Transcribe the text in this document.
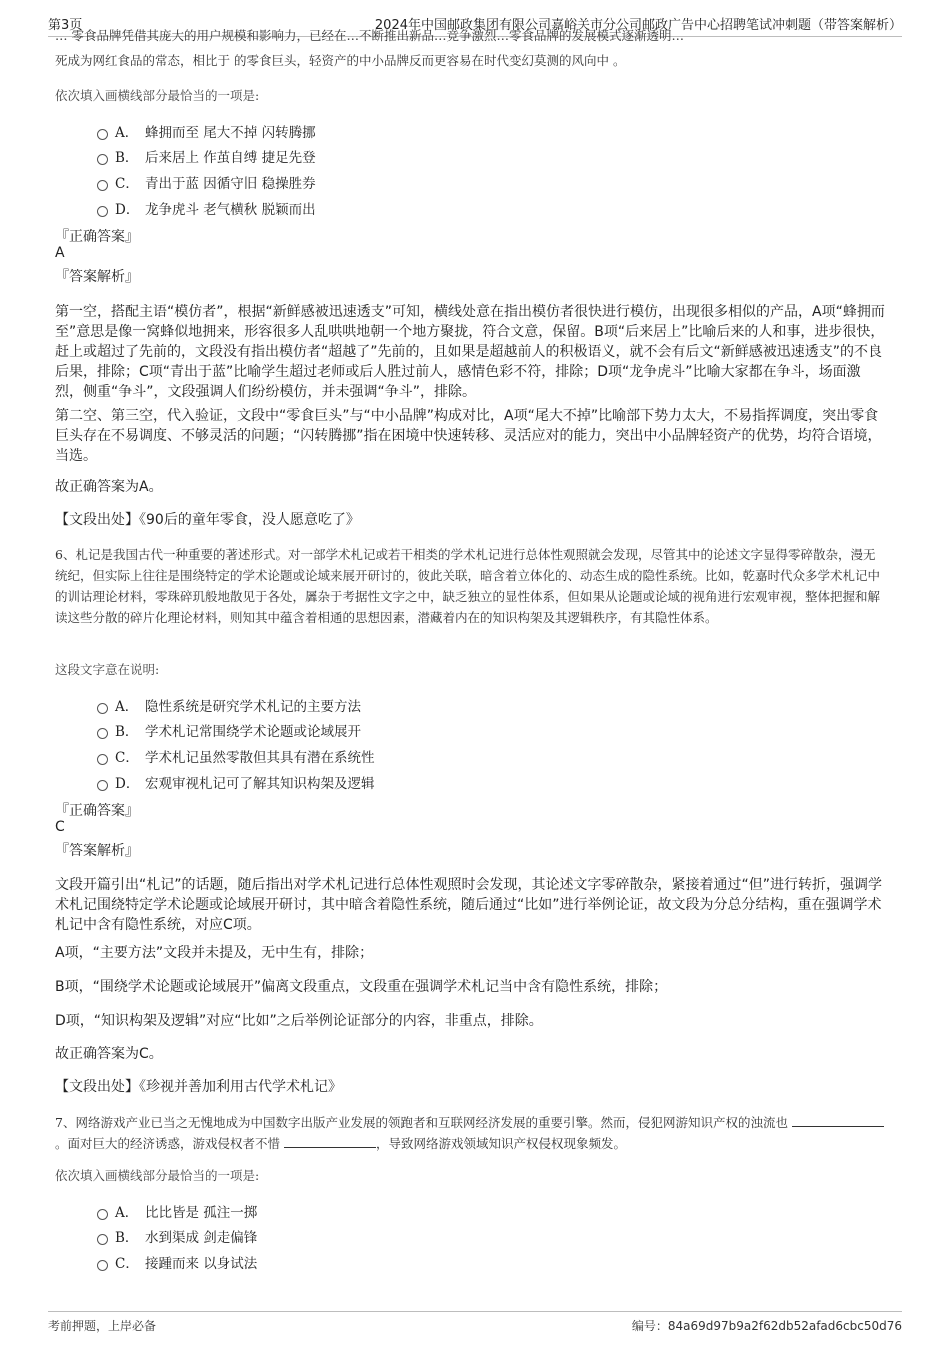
第3页	2024年中国邮政集团有限公司嘉峪关市分公司邮政广告中心招聘笔试冲刺题（带答案解析）

… 零食品牌凭借其庞大的用户规模和影响力，已经在…不断推出新品…竞争激烈…零食品牌的发展模式逐渐透明…

死成为网红食品的常态，相比于 的零食巨头，轻资产的中小品牌反而更容易在时代变幻莫测的风向中 。

依次填入画横线部分最恰当的一项是:
A． 蜂拥而至 尾大不掉 闪转腾挪
B． 后来居上 作茧自缚 捷足先登
C． 青出于蓝 因循守旧 稳操胜券
D． 龙争虎斗 老气横秋 脱颖而出
『正确答案』
A
『答案解析』

第一空，搭配主语“模仿者”，根据“新鲜感被迅速透支”可知，横线处意在指出模仿者很快进行模仿，出现很多相似的产品，A项“蜂拥而至”意思是像一窝蜂似地拥来，形容很多人乱哄哄地朝一个地方聚拢，符合文意，保留。B项“后来居上”比喻后来的人和事，进步很快，赶上或超过了先前的，文段没有指出模仿者“超越了”先前的，且如果是超越前人的积极语义，就不会有后文“新鲜感被迅速透支”的不良后果，排除；C项“青出于蓝”比喻学生超过老师或后人胜过前人，感情色彩不符，排除；D项“龙争虎斗”比喻大家都在争斗，场面激烈，侧重“争斗”，文段强调人们纷纷模仿，并未强调“争斗”，排除。

第二空、第三空，代入验证，文段中“零食巨头”与“中小品牌”构成对比，A项“尾大不掉”比喻部下势力太大，不易指挥调度，突出零食巨头存在不易调度、不够灵活的问题；“闪转腾挪”指在困境中快速转移、灵活应对的能力，突出中小品牌轻资产的优势，均符合语境，当选。

故正确答案为A。

【文段出处】《90后的童年零食，没人愿意吃了》

6、札记是我国古代一种重要的著述形式。对一部学术札记或若干相类的学术札记进行总体性观照就会发现，尽管其中的论述文字显得零碎散杂，漫无统纪，但实际上往往是围绕特定的学术论题或论域来展开研讨的，彼此关联，暗含着立体化的、动态生成的隐性系统。比如，乾嘉时代众多学术札记中的训诂理论材料，零珠碎玑般地散见于各处，羼杂于考据性文字之中，缺乏独立的显性体系，但如果从论题或论域的视角进行宏观审视，整体把握和解读这些分散的碎片化理论材料，则知其中蕴含着相通的思想因素，潜藏着内在的知识构架及其逻辑秩序，有其隐性体系。

这段文字意在说明:
A． 隐性系统是研究学术札记的主要方法
B． 学术札记常围绕学术论题或论域展开
C． 学术札记虽然零散但其具有潜在系统性
D． 宏观审视札记可了解其知识构架及逻辑
『正确答案』
C
『答案解析』

文段开篇引出“札记”的话题，随后指出对学术札记进行总体性观照时会发现，其论述文字零碎散杂，紧接着通过“但”进行转折，强调学术札记围绕特定学术论题或论域展开研讨，其中暗含着隐性系统，随后通过“比如”进行举例论证，故文段为分总分结构，重在强调学术札记中含有隐性系统，对应C项。

A项，“主要方法”文段并未提及，无中生有，排除；

B项，“围绕学术论题或论域展开”偏离文段重点，文段重在强调学术札记当中含有隐性系统，排除；

D项，“知识构架及逻辑”对应“比如”之后举例论证部分的内容，非重点，排除。

故正确答案为C。

【文段出处】《珍视并善加利用古代学术札记》

7、网络游戏产业已当之无愧地成为中国数字出版产业发展的领跑者和互联网经济发展的重要引擎。然而，侵犯网游知识产权的浊流也 。面对巨大的经济诱惑，游戏侵权者不惜	，导致网络游戏领域知识产权侵权现象频发。

依次填入画横线部分最恰当的一项是:
A． 比比皆是 孤注一掷
B． 水到渠成 剑走偏锋
C． 接踵而来 以身试法
考前押题，上岸必备	编号：84a69d97b9a2f62db52afad6cbc50d76
